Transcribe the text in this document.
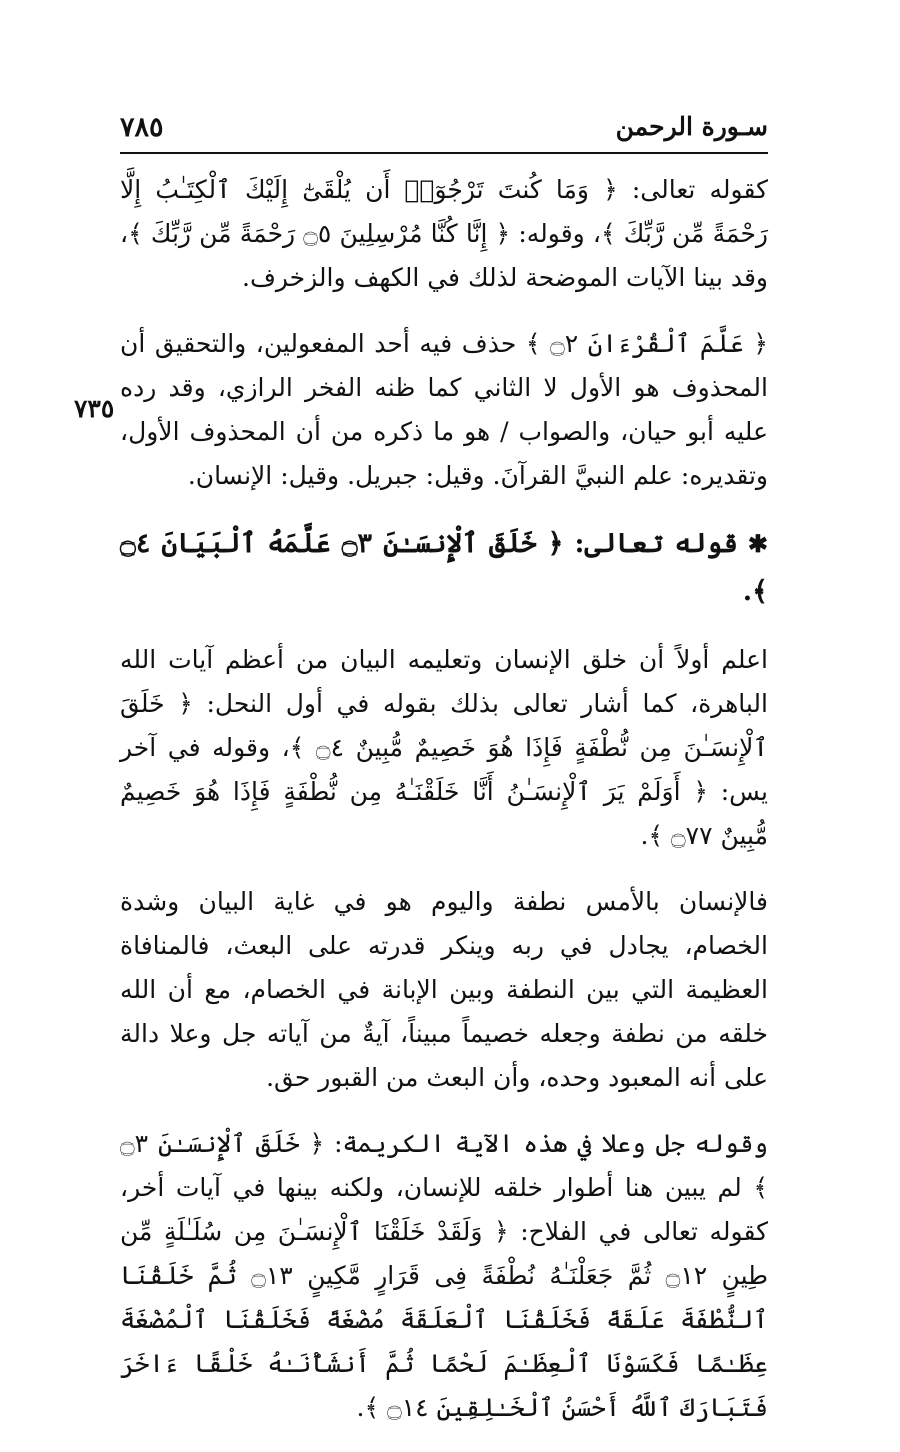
سـورة الرحمن
٧٨٥
٧٣٥

كقوله تعالى: ﴿ وَمَا كُنتَ تَرْجُوٓا۟ أَن يُلْقَىٰٓ إِلَيْكَ ٱلْكِتَـٰبُ إِلَّا رَحْمَةً مِّن رَّبِّكَ ﴾، وقوله: ﴿ إِنَّا كُنَّا مُرْسِلِينَ ۝٥ رَحْمَةً مِّن رَّبِّكَ ﴾، وقد بينا الآيات الموضحة لذلك في الكهف والزخرف.

﴿ عَلَّمَ ٱلْقُرْءَانَ ۝٢ ﴾ حذف فيه أحد المفعولين، والتحقيق أن المحذوف هو الأول لا الثاني كما ظنه الفخر الرازي، وقد رده عليه أبو حيان، والصواب / هو ما ذكره من أن المحذوف الأول، وتقديره: علم النبيَّ القرآنَ. وقيل: جبريل. وقيل: الإنسان.

✱قوله تعالى: ﴿ خَلَقَ ٱلْإِنسَـٰنَ ۝٣ عَلَّمَهُ ٱلْبَيَانَ ۝٤ ﴾.

اعلم أولاً أن خلق الإنسان وتعليمه البيان من أعظم آيات الله الباهرة، كما أشار تعالى بذلك بقوله في أول النحل: ﴿ خَلَقَ ٱلْإِنسَـٰنَ مِن نُّطْفَةٍ فَإِذَا هُوَ خَصِيمٌ مُّبِينٌ ۝٤ ﴾، وقوله في آخر يس: ﴿ أَوَلَمْ يَرَ ٱلْإِنسَـٰنُ أَنَّا خَلَقْنَـٰهُ مِن نُّطْفَةٍ فَإِذَا هُوَ خَصِيمٌ مُّبِينٌ ۝٧٧ ﴾.

فالإنسان بالأمس نطفة واليوم هو في غاية البيان وشدة الخصام، يجادل في ربه وينكر قدرته على البعث، فالمنافاة العظيمة التي بين النطفة وبين الإبانة في الخصام، مع أن الله خلقه من نطفة وجعله خصيماً مبيناً، آيةٌ من آياته جل وعلا دالة على أنه المعبود وحده، وأن البعث من القبور حق.

وقوله جل وعلا في هذه الآية الكريمة: ﴿ خَلَقَ ٱلْإِنسَـٰنَ ۝٣ ﴾ لم يبين هنا أطوار خلقه للإنسان، ولكنه بينها في آيات أخر، كقوله تعالى في الفلاح: ﴿ وَلَقَدْ خَلَقْنَا ٱلْإِنسَـٰنَ مِن سُلَـٰلَةٍ مِّن طِينٍ ۝١٢ ثُمَّ جَعَلْنَـٰهُ نُطْفَةً فِى قَرَارٍ مَّكِينٍ ۝١٣ ثُمَّ خَلَقْنَا ٱلنُّطْفَةَ عَلَقَةً فَخَلَقْنَا ٱلْعَلَقَةَ مُضْغَةً فَخَلَقْنَا ٱلْمُضْغَةَ عِظَـٰمًا فَكَسَوْنَا ٱلْعِظَـٰمَ لَحْمًا ثُمَّ أَنشَأْنَـٰهُ خَلْقًا ءَاخَرَ فَتَبَارَكَ ٱللَّهُ أَحْسَنُ ٱلْخَـٰلِقِينَ ۝١٤ ﴾.
